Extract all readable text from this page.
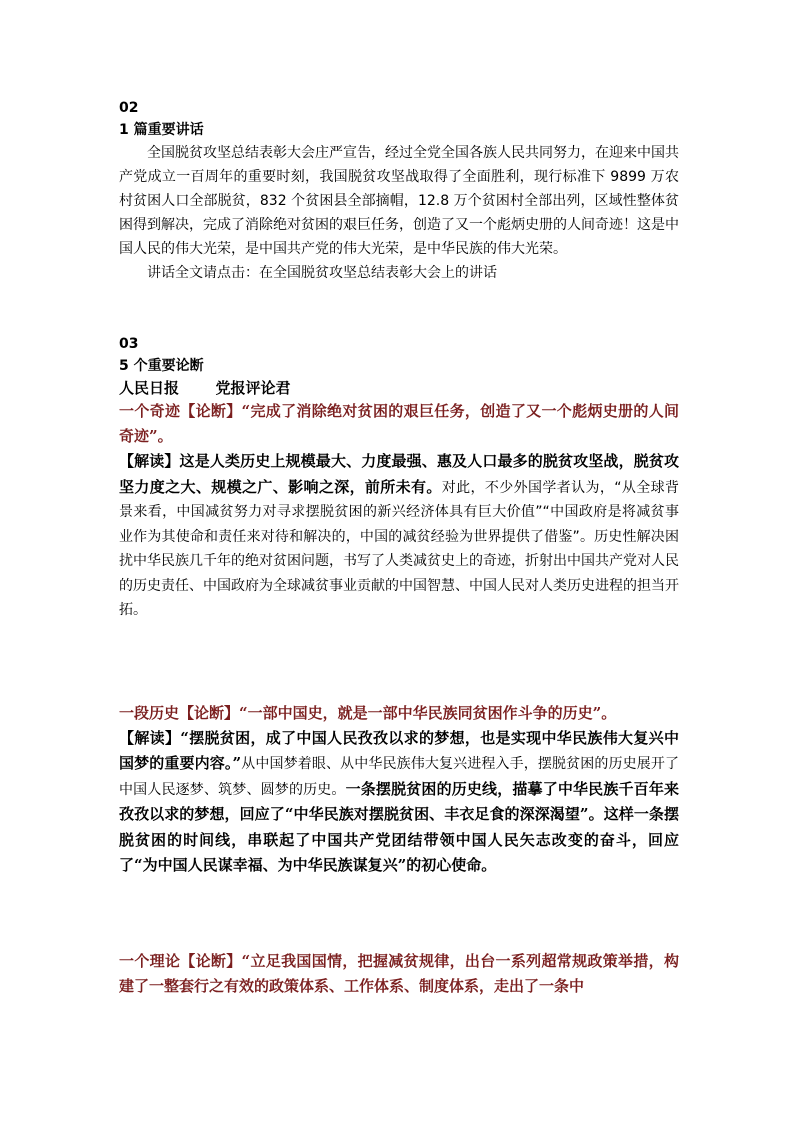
02

1 篇重要讲话

全国脱贫攻坚总结表彰大会庄严宣告，经过全党全国各族人民共同努力，在迎来中国共产党成立一百周年的重要时刻，我国脱贫攻坚战取得了全面胜利，现行标准下 9899 万农村贫困人口全部脱贫，832 个贫困县全部摘帽，12.8 万个贫困村全部出列，区域性整体贫困得到解决，完成了消除绝对贫困的艰巨任务，创造了又一个彪炳史册的人间奇迹！这是中国人民的伟大光荣，是中国共产党的伟大光荣，是中华民族的伟大光荣。

讲话全文请点击：在全国脱贫攻坚总结表彰大会上的讲话

03

5 个重要论断

人民日报       党报评论君

一个奇迹【论断】“完成了消除绝对贫困的艰巨任务，创造了又一个彪炳史册的人间奇迹”。

【解读】这是人类历史上规模最大、力度最强、惠及人口最多的脱贫攻坚战，脱贫攻坚力度之大、规模之广、影响之深，前所未有。对此，不少外国学者认为，“从全球背景来看，中国减贫努力对寻求摆脱贫困的新兴经济体具有巨大价值”“中国政府是将减贫事业作为其使命和责任来对待和解决的，中国的减贫经验为世界提供了借鉴”。历史性解决困扰中华民族几千年的绝对贫困问题，书写了人类减贫史上的奇迹，折射出中国共产党对人民的历史责任、中国政府为全球减贫事业贡献的中国智慧、中国人民对人类历史进程的担当开拓。

一段历史【论断】“一部中国史，就是一部中华民族同贫困作斗争的历史”。

【解读】“摆脱贫困，成了中国人民孜孜以求的梦想，也是实现中华民族伟大复兴中国梦的重要内容。”从中国梦着眼、从中华民族伟大复兴进程入手，摆脱贫困的历史展开了中国人民逐梦、筑梦、圆梦的历史。一条摆脱贫困的历史线，描摹了中华民族千百年来孜孜以求的梦想，回应了“中华民族对摆脱贫困、丰衣足食的深深渴望”。这样一条摆脱贫困的时间线，串联起了中国共产党团结带领中国人民矢志改变的奋斗，回应了“为中国人民谋幸福、为中华民族谋复兴”的初心使命。

一个理论【论断】“立足我国国情，把握减贫规律，出台一系列超常规政策举措，构建了一整套行之有效的政策体系、工作体系、制度体系，走出了一条中
